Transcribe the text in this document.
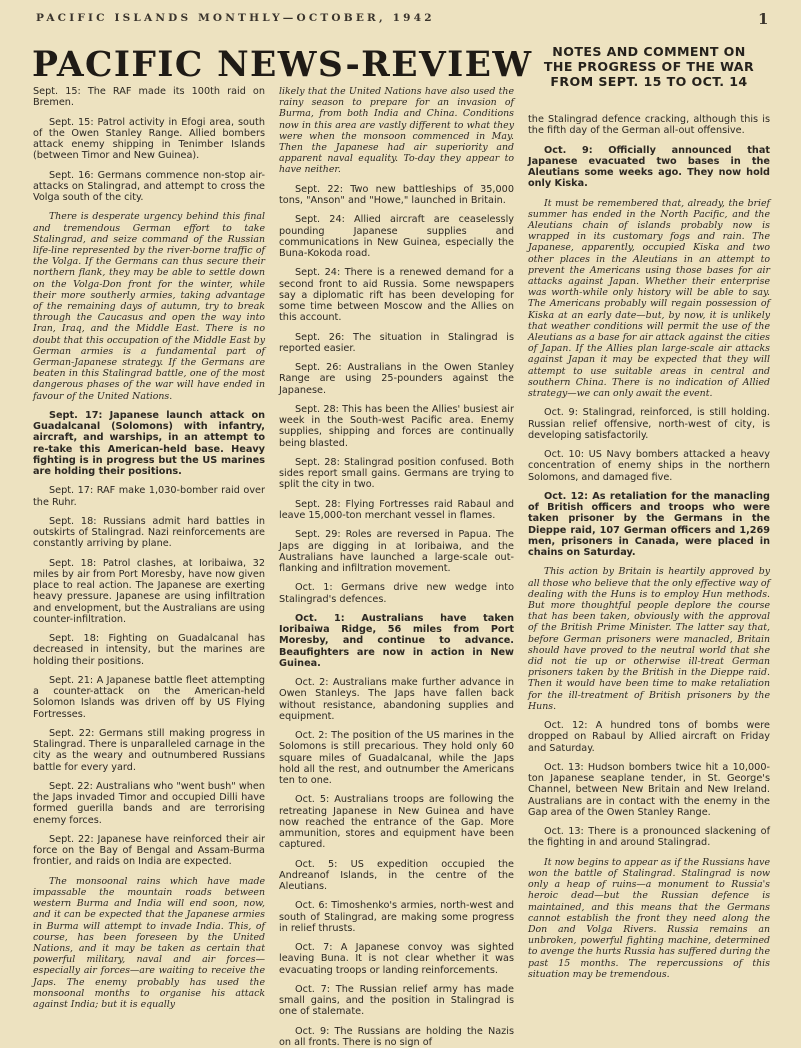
PACIFIC ISLANDS MONTHLY—OCTOBER, 1942	1
PACIFIC NEWS-REVIEW	NOTES AND COMMENT ON
THE PROGRESS OF THE WAR
FROM SEPT. 15 TO OCT. 14

Sept. 15: The RAF made its 100th raid on Bremen.

Sept. 15: Patrol activity in Efogi area, south of the Owen Stanley Range. Allied bombers attack enemy shipping in Tenimber Islands (between Timor and New Guinea).

Sept. 16: Germans commence non-stop air-attacks on Stalingrad, and attempt to cross the Volga south of the city.

There is desperate urgency behind this final and tremendous German effort to take Stalingrad, and seize command of the Russian life-line represented by the river-borne traffic of the Volga. If the Germans can thus secure their northern flank, they may be able to settle down on the Volga-Don front for the winter, while their more southerly armies, taking advantage of the remaining days of autumn, try to break through the Caucasus and open the way into Iran, Iraq, and the Middle East. There is no doubt that this occupation of the Middle East by German armies is a fundamental part of German-Japanese strategy. If the Germans are beaten in this Stalingrad battle, one of the most dangerous phases of the war will have ended in favour of the United Nations.

Sept. 17: Japanese launch attack on Guadalcanal (Solomons) with infantry, aircraft, and warships, in an attempt to re-take this American-held base. Heavy fighting is in progress but the US marines are holding their positions.

Sept. 17: RAF make 1,030-bomber raid over the Ruhr.

Sept. 18: Russians admit hard battles in outskirts of Stalingrad. Nazi reinforcements are constantly arriving by plane.

Sept. 18: Patrol clashes, at Ioribaiwa, 32 miles by air from Port Moresby, have now given place to real action. The Japanese are exerting heavy pressure. Japanese are using infiltration and envelopment, but the Australians are using counter-infiltration.

Sept. 18: Fighting on Guadalcanal has decreased in intensity, but the marines are holding their positions.

Sept. 21: A Japanese battle fleet attempting a counter-attack on the American-held Solomon Islands was driven off by US Flying Fortresses.

Sept. 22: Germans still making progress in Stalingrad. There is unparalleled carnage in the city as the weary and outnumbered Russians battle for every yard.

Sept. 22: Australians who "went bush" when the Japs invaded Timor and occupied Dilli have formed guerilla bands and are terrorising enemy forces.

Sept. 22: Japanese have reinforced their air force on the Bay of Bengal and Assam-Burma frontier, and raids on India are expected.

The monsoonal rains which have made impassable the mountain roads between western Burma and India will end soon, now, and it can be expected that the Japanese armies in Burma will attempt to invade India. This, of course, has been foreseen by the United Nations, and it may be taken as certain that powerful military, naval and air forces—especially air forces—are waiting to receive the Japs. The enemy probably has used the monsoonal months to organise his attack against India; but it is equally

likely that the United Nations have also used the rainy season to prepare for an invasion of Burma, from both India and China. Conditions now in this area are vastly different to what they were when the monsoon commenced in May. Then the Japanese had air superiority and apparent naval equality. To-day they appear to have neither.

Sept. 22: Two new battleships of 35,000 tons, "Anson" and "Howe," launched in Britain.

Sept. 24: Allied aircraft are ceaselessly pounding Japanese supplies and communications in New Guinea, especially the Buna-Kokoda road.

Sept. 24: There is a renewed demand for a second front to aid Russia. Some newspapers say a diplomatic rift has been developing for some time between Moscow and the Allies on this account.

Sept. 26: The situation in Stalingrad is reported easier.

Sept. 26: Australians in the Owen Stanley Range are using 25-pounders against the Japanese.

Sept. 28: This has been the Allies' busiest air week in the South-west Pacific area. Enemy supplies, shipping and forces are continually being blasted.

Sept. 28: Stalingrad position confused. Both sides report small gains. Germans are trying to split the city in two.

Sept. 28: Flying Fortresses raid Rabaul and leave 15,000-ton merchant vessel in flames.

Sept. 29: Roles are reversed in Papua. The Japs are digging in at Ioribaiwa, and the Australians have launched a large-scale out-flanking and infiltration movement.

Oct. 1: Germans drive new wedge into Stalingrad's defences.

Oct. 1: Australians have taken Ioribaiwa Ridge, 56 miles from Port Moresby, and continue to advance. Beaufighters are now in action in New Guinea.

Oct. 2: Australians make further advance in Owen Stanleys. The Japs have fallen back without resistance, abandoning supplies and equipment.

Oct. 2: The position of the US marines in the Solomons is still precarious. They hold only 60 square miles of Guadalcanal, while the Japs hold all the rest, and outnumber the Americans ten to one.

Oct. 5: Australians troops are following the retreating Japanese in New Guinea and have now reached the entrance of the Gap. More ammunition, stores and equipment have been captured.

Oct. 5: US expedition occupied the Andreanof Islands, in the centre of the Aleutians.

Oct. 6: Timoshenko's armies, north-west and south of Stalingrad, are making some progress in relief thrusts.

Oct. 7: A Japanese convoy was sighted leaving Buna. It is not clear whether it was evacuating troops or landing reinforcements.

Oct. 7: The Russian relief army has made small gains, and the position in Stalingrad is one of stalemate.

Oct. 9: The Russians are holding the Nazis on all fronts. There is no sign of

the Stalingrad defence cracking, although this is the fifth day of the German all-out offensive.

Oct. 9: Officially announced that Japanese evacuated two bases in the Aleutians some weeks ago. They now hold only Kiska.

It must be remembered that, already, the brief summer has ended in the North Pacific, and the Aleutians chain of islands probably now is wrapped in its customary fogs and rain. The Japanese, apparently, occupied Kiska and two other places in the Aleutians in an attempt to prevent the Americans using those bases for air attacks against Japan. Whether their enterprise was worth-while only history will be able to say. The Americans probably will regain possession of Kiska at an early date—but, by now, it is unlikely that weather conditions will permit the use of the Aleutians as a base for air attack against the cities of Japan. If the Allies plan large-scale air attacks against Japan it may be expected that they will attempt to use suitable areas in central and southern China. There is no indication of Allied strategy—we can only await the event.

Oct. 9: Stalingrad, reinforced, is still holding. Russian relief offensive, north-west of city, is developing satisfactorily.

Oct. 10: US Navy bombers attacked a heavy concentration of enemy ships in the northern Solomons, and damaged five.

Oct. 12: As retaliation for the manacling of British officers and troops who were taken prisoner by the Germans in the Dieppe raid, 107 German officers and 1,269 men, prisoners in Canada, were placed in chains on Saturday.

This action by Britain is heartily approved by all those who believe that the only effective way of dealing with the Huns is to employ Hun methods. But more thoughtful people deplore the course that has been taken, obviously with the approval of the British Prime Minister. The latter say that, before German prisoners were manacled, Britain should have proved to the neutral world that she did not tie up or otherwise ill-treat German prisoners taken by the British in the Dieppe raid. Then it would have been time to make retaliation for the ill-treatment of British prisoners by the Huns.

Oct. 12: A hundred tons of bombs were dropped on Rabaul by Allied aircraft on Friday and Saturday.

Oct. 13: Hudson bombers twice hit a 10,000-ton Japanese seaplane tender, in St. George's Channel, between New Britain and New Ireland. Australians are in contact with the enemy in the Gap area of the Owen Stanley Range.

Oct. 13: There is a pronounced slackening of the fighting in and around Stalingrad.

It now begins to appear as if the Russians have won the battle of Stalingrad. Stalingrad is now only a heap of ruins—a monument to Russia's heroic dead—but the Russian defence is maintained, and this means that the Germans cannot establish the front they need along the Don and Volga Rivers. Russia remains an unbroken, powerful fighting machine, determined to avenge the hurts Russia has suffered during the past 15 months. The repercussions of this situation may be tremendous.
